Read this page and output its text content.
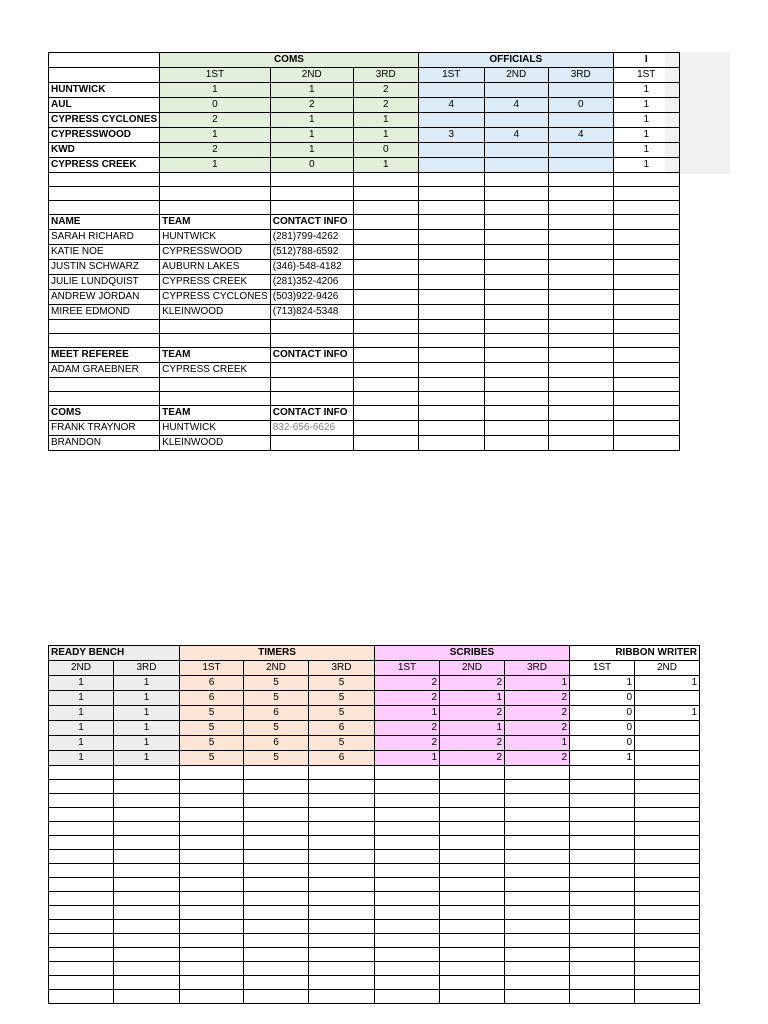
	COMS			OFFICIALS			I
	1ST	2ND	3RD	1ST	2ND	3RD	1ST
HUNTWICK	1	1	2				1
AUL	0	2	2	4	4	0	1
CYPRESS CYCLONES	2	1	1				1
CYPRESSWOOD	1	1	1	3	4	4	1
KWD	2	1	0				1
CYPRESS CREEK	1	0	1				1

NAME	TEAM	CONTACT INFO					
SARAH RICHARD	HUNTWICK	(281)799-4262					
KATIE NOE	CYPRESSWOOD	(512)788-6592					
JUSTIN SCHWARZ	AUBURN LAKES	(346)-548-4182					
JULIE LUNDQUIST	CYPRESS CREEK	(281)352-4206					
ANDREW JORDAN	CYPRESS CYCLONES	(503)922-9426					
MIREE EDMOND	KLEINWOOD	(713)824-5348					

MEET REFEREE	TEAM	CONTACT INFO					
ADAM GRAEBNER	CYPRESS CREEK						

COMS	TEAM	CONTACT INFO					
FRANK TRAYNOR	HUNTWICK	832-656-6626					
BRANDON	KLEINWOOD						
READY BENCH		TIMERS			SCRIBES			RIBBON WRITER	
2ND	3RD	1ST	2ND	3RD	1ST	2ND	3RD	1ST	2ND
1	1	6	5	5	2	2	1	1	1
1	1	6	5	5	2	1	2	0	
1	1	5	6	5	1	2	2	0	1
1	1	5	5	6	2	1	2	0	
1	1	5	6	5	2	2	1	0	
1	1	5	5	6	1	2	2	1	
